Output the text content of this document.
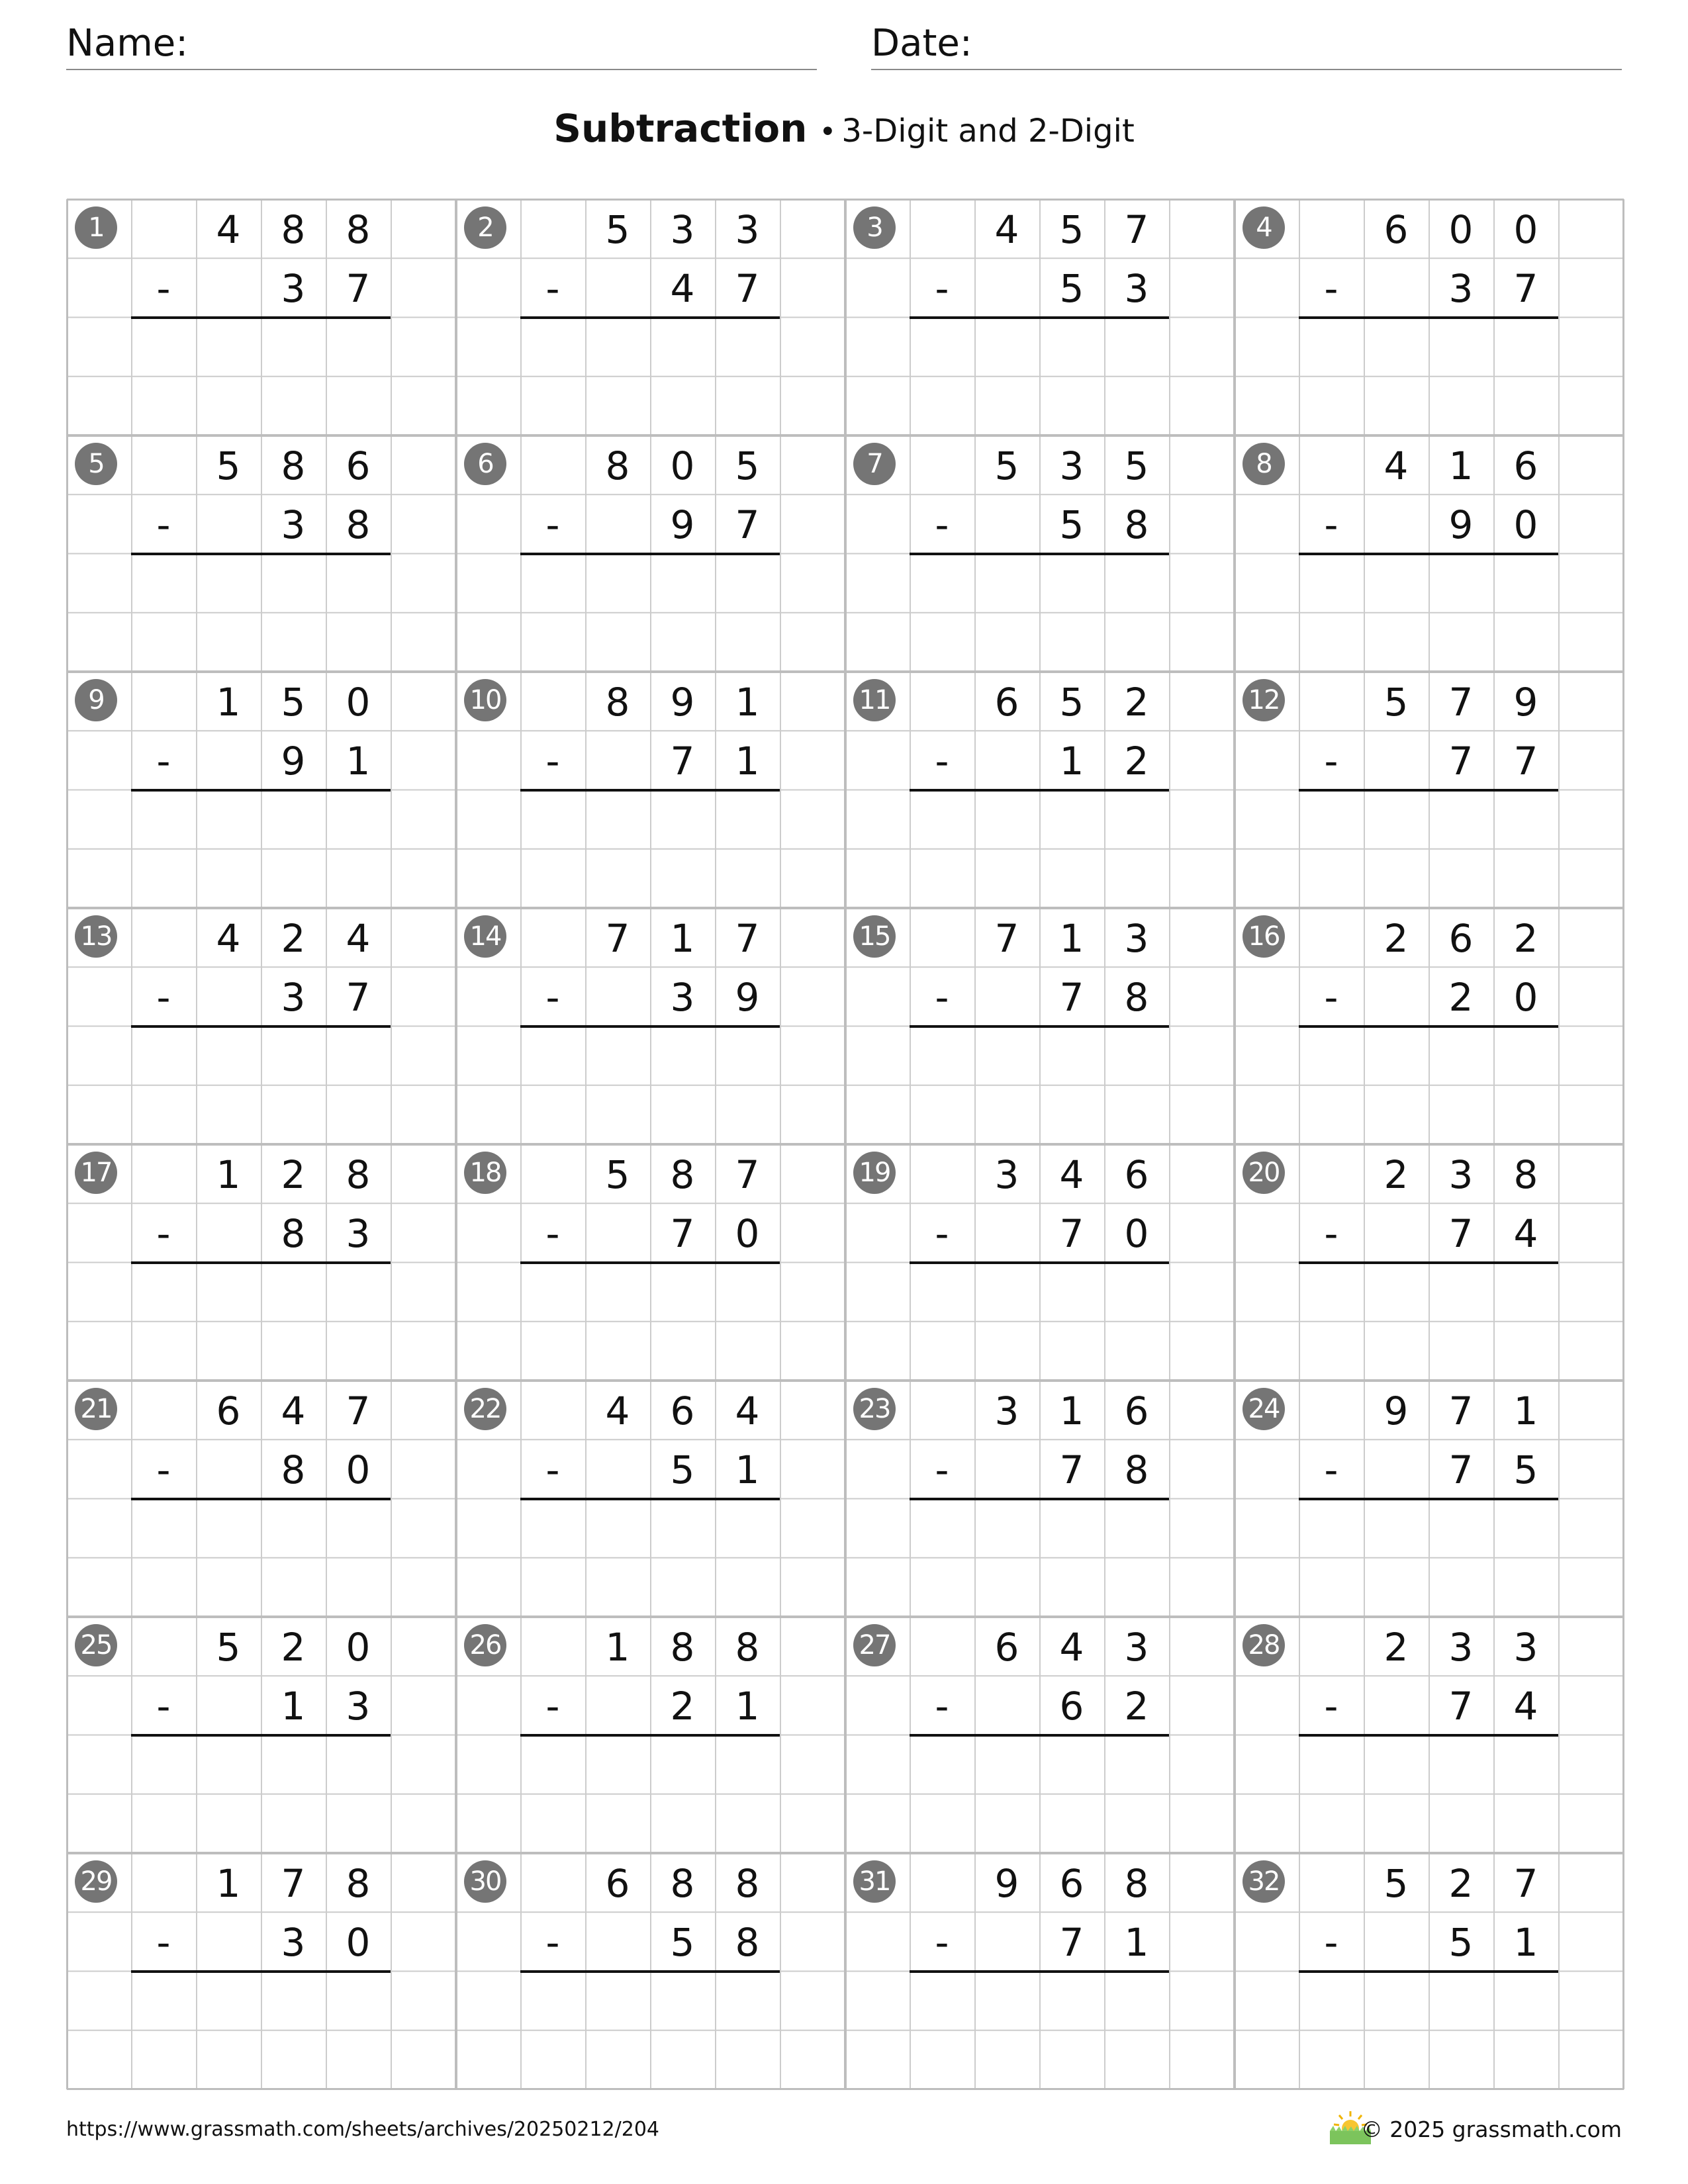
Name:	Date:
Subtraction • 3-Digit and 2-Digit
1	4	8	8
-	3	7
2	5	3	3
-	4	7
3	4	5	7
-	5	3
4	6	0	0
-	3	7
5	5	8	6
-	3	8
6	8	0	5
-	9	7
7	5	3	5
-	5	8
8	4	1	6
-	9	0
9	1	5	0
-	9	1
10	8	9	1
-	7	1
11	6	5	2
-	1	2
12	5	7	9
-	7	7
13	4	2	4
-	3	7
14	7	1	7
-	3	9
15	7	1	3
-	7	8
16	2	6	2
-	2	0
17	1	2	8
-	8	3
18	5	8	7
-	7	0
19	3	4	6
-	7	0
20	2	3	8
-	7	4
21	6	4	7
-	8	0
22	4	6	4
-	5	1
23	3	1	6
-	7	8
24	9	7	1
-	7	5
25	5	2	0
-	1	3
26	1	8	8
-	2	1
27	6	4	3
-	6	2
28	2	3	3
-	7	4
29	1	7	8
-	3	0
30	6	8	8
-	5	8
31	9	6	8
-	7	1
32	5	2	7
-	5	1
https://www.grassmath.com/sheets/archives/20250212/204	© 2025 grassmath.com
